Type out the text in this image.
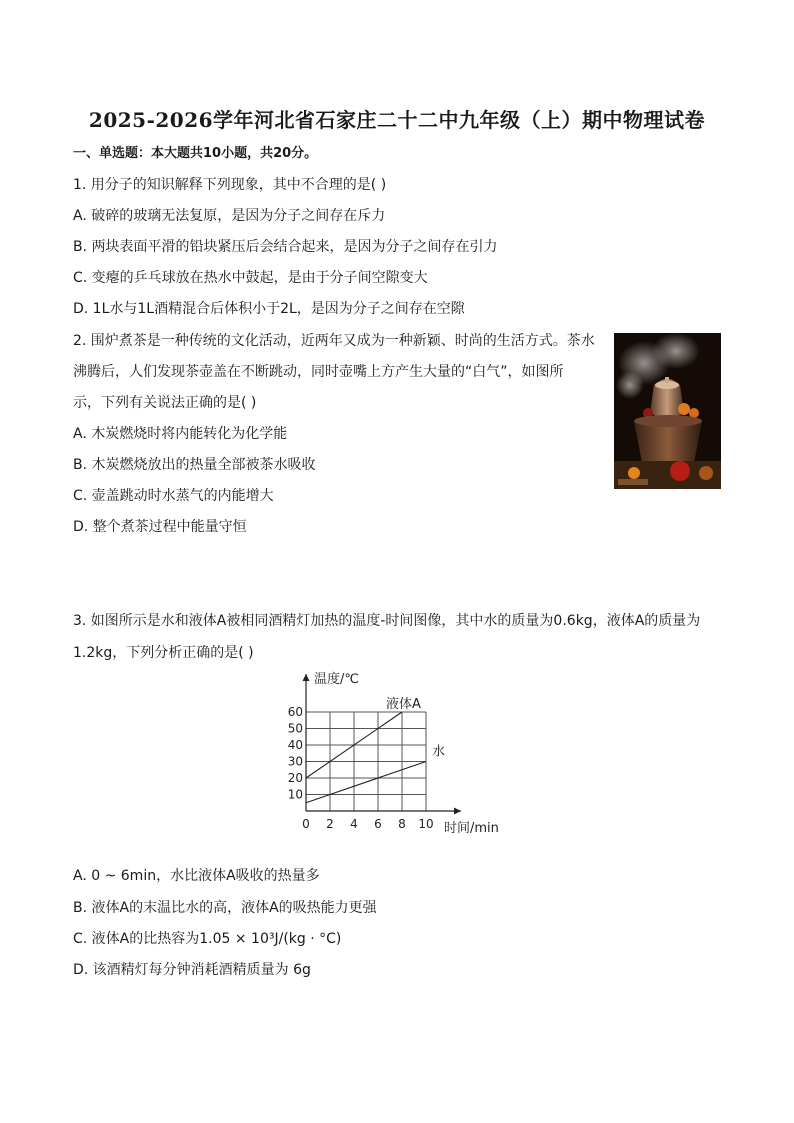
2025-2026学年河北省石家庄二十二中九年级（上）期中物理试卷
一、单选题：本大题共10小题，共20分。
1. 用分子的知识解释下列现象，其中不合理的是( )
A. 破碎的玻璃无法复原，是因为分子之间存在斥力
B. 两块表面平滑的铅块紧压后会结合起来，是因为分子之间存在引力
C. 变瘪的乒乓球放在热水中鼓起，是由于分子间空隙变大
D. 1L水与1L酒精混合后体积小于2L，是因为分子之间存在空隙
2. 围炉煮茶是一种传统的文化活动，近两年又成为一种新颖、时尚的生活方式。茶水
沸腾后，人们发现茶壶盖在不断跳动，同时壶嘴上方产生大量的“白气”，如图所
示，下列有关说法正确的是( )
A. 木炭燃烧时将内能转化为化学能
B. 木炭燃烧放出的热量全部被茶水吸收
C. 壶盖跳动时水蒸气的内能增大
D. 整个煮茶过程中能量守恒
3. 如图所示是水和液体A被相同酒精灯加热的温度-时间图像，其中水的质量为0.6kg，液体A的质量为
1.2kg，下列分析正确的是( )
0 2 4 6 8 10
10
20
30
40
50
60	液体A
水
温度/℃
时间/min
A. 0 ~ 6min，水比液体A吸收的热量多
B. 液体A的末温比水的高，液体A的吸热能力更强
C. 液体A的比热容为1.05 × 10³J/(kg · °C)
D. 该酒精灯每分钟消耗酒精质量为 6g
